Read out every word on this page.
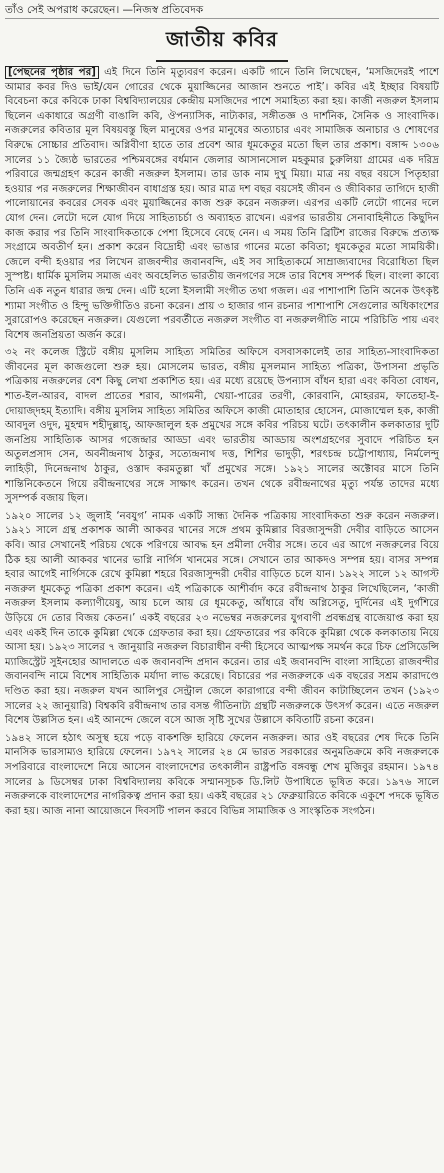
তাঁও সেই অপরাধ করেছেন। —নিজস্ব প্রতিবেদক
জাতীয় কবির

[পেছনের পৃষ্ঠার পর] এই দিনে তিনি মৃত্যুবরণ করেন। একটি গানে তিনি লিখেছেন, ‘মসজিদেরই পাশে আমার কবর দিও ভাই/যেন গোরের থেকে মুয়াজ্জিনের আজান শুনতে পাই’। কবির এই ইচ্ছার বিষয়টি বিবেচনা করে কবিকে ঢাকা বিশ্ববিদ্যালয়ের কেন্দ্রীয় মসজিদের পাশে সমাহিত্য করা হয়। কাজী নজরুল ইসলাম ছিলেন একাধারে অগ্রণী বাঙালি কবি, ঔপন্যাসিক, নাট্যকার, সঙ্গীতজ্ঞ ও দার্শনিক, সৈনিক ও সাংবাদিক। নজরুলের কবিতার মূল বিষয়বস্তু ছিল মানুষের ওপর মানুষের অত্যাচার এবং সামাজিক অনাচার ও শোষণের বিরুদ্ধে সোচ্চার প্রতিবাদ। অগ্নিবীণা হাতে তার প্রবেশ আর ধূমকেতুর মতো ছিল তার প্রকাশ। বঙ্গাব্দ ১৩০৬ সালের ১১ জ্যৈষ্ঠ ভারতের পশ্চিমবঙ্গের বর্ধমান জেলার আসানসোল মহকুমার চুরুলিয়া গ্রামের এক দরিদ্র পরিবারে জন্মগ্রহণ করেন কাজী নজরুল ইসলাম। তার ডাক নাম দুখু মিয়া। মাত্র নয় বছর বয়সে পিতৃহারা হওয়ার পর নজরুলের শিক্ষাজীবন বাধাগ্রস্ত হয়। আর মাত্র দশ বছর বয়সেই জীবন ও জীবিকার তাগিদে হাজী পালোয়ানের কবরের সেবক এবং মুয়াজ্জিনের কাজ শুরু করেন নজরুল। এরপর একটি লেটো গানের দলে যোগ দেন। লেটো দলে যোগ দিয়ে সাহিত্যচর্চা ও অব্যাহত রাখেন। এরপর ভারতীয় সেনাবাহিনীতে কিছুদিন কাজ করার পর তিনি সাংবাদিকতাকে পেশা হিসেবে বেছে নেন। এ সময় তিনি ব্রিটিশ রাজের বিরুদ্ধে প্রত্যক্ষ সংগ্রামে অবতীর্ণ হন। প্রকাশ করেন বিদ্রোহী এবং ভাঙার গানের মতো কবিতা; ধূমকেতুর মতো সাময়িকী। জেলে বন্দী হওয়ার পর লিখেন রাজবন্দীর জবানবন্দি, এই সব সাহিত্যকর্মে সাম্রাজ্যবাদের বিরোধিতা ছিল সুস্পষ্ট। ধার্মিক মুসলিম সমাজ এবং অবহেলিত ভারতীয় জনগণের সঙ্গে তার বিশেষ সম্পর্ক ছিল। বাংলা কাব্যে তিনি এক নতুন ধারার জন্ম দেন। এটি হলো ইসলামী সংগীত তথা গজল। এর পাশাপাশি তিনি অনেক উৎকৃষ্ট শ্যামা সংগীত ও হিন্দু ভক্তিগীতিও রচনা করেন। প্রায় ৩ হাজার গান রচনার পাশাপাশি সেগুলোর অধিকাংশের সুরারোপও করেছেন নজরুল। যেগুলো পরবর্তীতে নজরুল সংগীত বা নজরুলগীতি নামে পরিচিতি পায় এবং বিশেষ জনপ্রিয়তা অর্জন করে।

৩২ নং কলেজ স্ট্রিটে বঙ্গীয় মুসলিম সাহিত্য সমিতির অফিসে বসবাসকালেই তার সাহিত্য-সাংবাদিকতা জীবনের মূল কাজগুলো শুরু হয়। মোসলেম ভারত, বঙ্গীয় মুসলমান সাহিত্য পত্রিকা, উপাসনা প্রভৃতি পত্রিকায় নজরুলের বেশ কিছু লেখা প্রকাশিত হয়। এর মধ্যে রয়েছে উপন্যাস বাঁধন হারা এবং কবিতা বোধন, শাত-ইল-আরব, বাদল প্রাতের শরাব, আগমনী, খেয়া-পারের তরণী, কোরবানি, মোহররম, ফাতেহা-ই-দোয়াজ্দহম্ ইত্যাদি। বঙ্গীয় মুসলিম সাহিত্য সমিতির অফিসে কাজী মোতাহার হোসেন, মোজাম্মেল হক, কাজী আবদুল ওদুদ, মুহম্মদ শহীদুল্লাহ্, আফজালুল হক প্রমুখের সঙ্গে কবির পরিচয় ঘটে। তৎকালীন কলকাতার দুটি জনপ্রিয় সাহিত্যিক আসর গজেন্দ্রার আড্ডা এবং ভারতীয় আড্ডায় অংশগ্রহণের সুবাদে পরিচিত হন অতুলপ্রসাদ সেন, অবনীন্দ্রনাথ ঠাকুর, সত্যেন্দ্রনাথ দত্ত, শিশির ভাদুড়ী, শরৎচন্দ্র চট্টোপাধ্যায়, নির্মলেন্দু লাহিড়ী, দিনেন্দ্রনাথ ঠাকুর, ওস্তাদ করমতুল্লা খাঁ প্রমুখের সঙ্গে। ১৯২১ সালের অক্টোবর মাসে তিনি শান্তিনিকেতনে গিয়ে রবীন্দ্রনাথের সঙ্গে সাক্ষাৎ করেন। তখন থেকে রবীন্দ্রনাথের মৃত্যু পর্যন্ত তাদের মধ্যে সুসম্পর্ক বজায় ছিল।

১৯২০ সালের ১২ জুলাই ‘নবযুগ’ নামক একটি সান্ধ্য দৈনিক পত্রিকায় সাংবাদিকতা শুরু করেন নজরুল। ১৯২১ সালে গ্রন্থ প্রকাশক আলী আকবর খানের সঙ্গে প্রথম কুমিল্লার বিরজাসুন্দরী দেবীর বাড়িতে আসেন কবি। আর সেখানেই পরিচয় থেকে পরিণয়ে আবদ্ধ হন প্রমীলা দেবীর সঙ্গে। তবে এর আগে নজরুলের বিয়ে ঠিক হয় আলী আকবর খানের ভাগ্নি নার্গিস খানমের সঙ্গে। সেখানে তার আকদও সম্পন্ন হয়। বাসর সম্পন্ন হবার আগেই নার্গিসকে রেখে কুমিল্লা শহরে বিরজাসুন্দরী দেবীর বাড়িতে চলে যান। ১৯২২ সালে ১২ আগস্ট নজরুল ধূমকেতু পত্রিকা প্রকাশ করেন। এই পত্রিকাকে আশীর্বাদ করে রবীন্দ্রনাথ ঠাকুর লিখেছিলেন, ‘কাজী নজরুল ইসলাম কল্যাণীয়েষু, আয় চলে আয় রে ধূমকেতু, আঁধারে বাঁধ অগ্নিসেতু, দুর্দিনের এই দুর্গশিরে উড়িয়ে দে তোর বিজয় কেতন।’ একই বছরের ২৩ নভেম্বর নজরুলের যুগবাণী প্রবন্ধগ্রন্থ বাজেয়াপ্ত করা হয় এবং একই দিন তাকে কুমিল্লা থেকে গ্রেফতার করা হয়। গ্রেফতারের পর কবিকে কুমিল্লা থেকে কলকাতায় নিয়ে আসা হয়। ১৯২৩ সালের ৭ জানুয়ারি নজরুল বিচারাধীন বন্দী হিসেবে আত্মপক্ষ সমর্থন করে চিফ প্রেসিডেন্সি ম্যাজিস্ট্রেট সুইনহোর আদালতে এক জবানবন্দি প্রদান করেন। তার এই জবানবন্দি বাংলা সাহিত্যে রাজবন্দীর জবানবন্দি নামে বিশেষ সাহিত্যিক মর্যাদা লাভ করেছে। বিচারের পর নজরুলকে এক বছরের সশ্রম কারাদণ্ডে দণ্ডিত করা হয়। নজরুল যখন আলিপুর সেন্ট্রাল জেলে কারাগারে বন্দী জীবন কাটাচ্ছিলেন তখন (১৯২৩ সালের ২২ জানুয়ারি) বিশ্বকবি রবীন্দ্রনাথ তার বসন্ত গীতিনাট্য গ্রন্থটি নজরুলকে উৎসর্গ করেন। এতে নজরুল বিশেষ উল্লসিত হন। এই আনন্দে জেলে বসে আজ সৃষ্টি সুখের উল্লাসে কবিতাটি রচনা করেন।

১৯৪২ সালে হঠাৎ অসুস্থ হয়ে পড়ে বাকশক্তি হারিয়ে ফেলেন নজরুল। আর ওই বছরের শেষ দিকে তিনি মানসিক ভারসাম্যও হারিয়ে ফেলেন। ১৯৭২ সালের ২৪ মে ভারত সরকারের অনুমতিক্রমে কবি নজরুলকে সপরিবারে বাংলাদেশে নিয়ে আসেন বাংলাদেশের তৎকালীন রাষ্ট্রপতি বঙ্গবন্ধু শেখ মুজিবুর রহমান। ১৯৭৪ সালের ৯ ডিসেম্বর ঢাকা বিশ্ববিদ্যালয় কবিকে সম্মানসূচক ডি.লিট উপাধিতে ভূষিত করে। ১৯৭৬ সালে নজরুলকে বাংলাদেশের নাগরিকত্ব প্রদান করা হয়। একই বছরের ২১ ফেব্রুয়ারিতে কবিকে একুশে পদকে ভূষিত করা হয়। আজ নানা আয়োজনে দিবসটি পালন করবে বিভিন্ন সামাজিক ও সাংস্কৃতিক সংগঠন।
